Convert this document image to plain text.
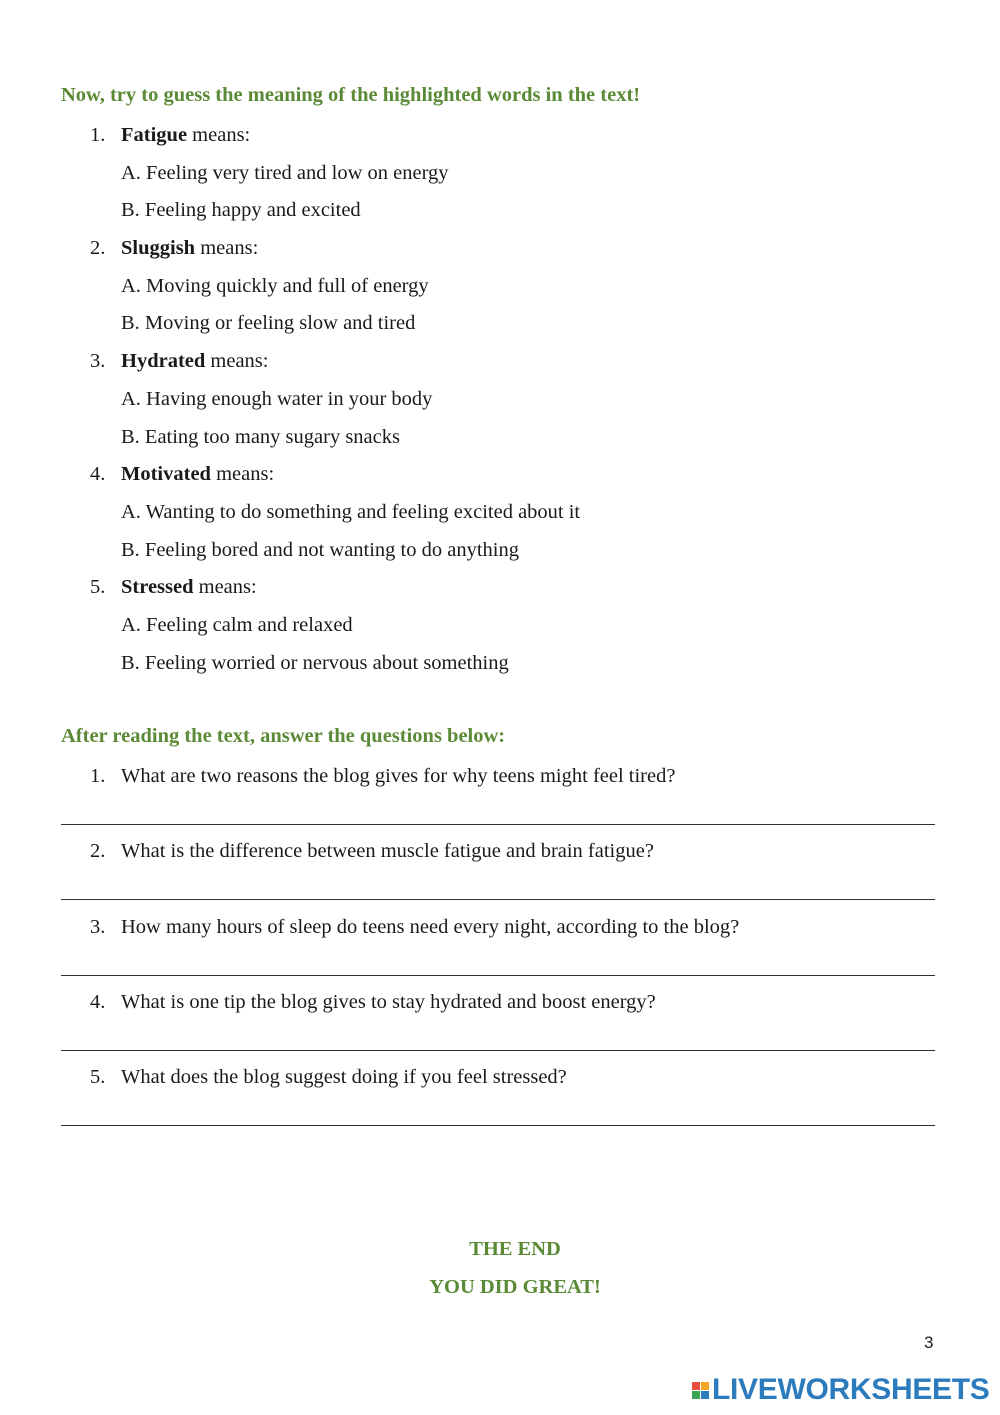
Now, try to guess the meaning of the highlighted words in the text!
1. Fatigue means:
A. Feeling very tired and low on energy
B. Feeling happy and excited
2. Sluggish means:
A. Moving quickly and full of energy
B. Moving or feeling slow and tired
3. Hydrated means:
A. Having enough water in your body
B. Eating too many sugary snacks
4. Motivated means:
A. Wanting to do something and feeling excited about it
B. Feeling bored and not wanting to do anything
5. Stressed means:
A. Feeling calm and relaxed
B. Feeling worried or nervous about something
After reading the text, answer the questions below:
1. What are two reasons the blog gives for why teens might feel tired?
2. What is the difference between muscle fatigue and brain fatigue?
3. How many hours of sleep do teens need every night, according to the blog?
4. What is one tip the blog gives to stay hydrated and boost energy?
5. What does the blog suggest doing if you feel stressed?
THE END
YOU DID GREAT!
3
LIVEWORKSHEETS
